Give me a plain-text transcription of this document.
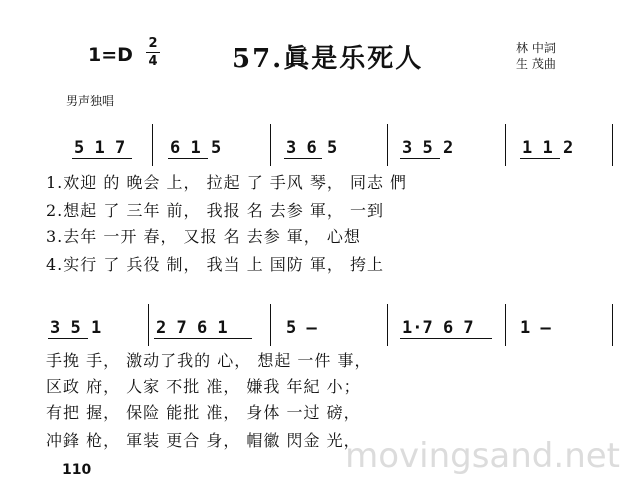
1=D
2
4	57.眞是乐死人	林 中詞
生 茂曲
男声独唱
5 1 7	6 1 5	3 6 5	3 5 2	1 1 2
1.欢迎 的 晚会 上， 拉起 了 手风 琴， 同志 們
2.想起 了 三年 前， 我报 名 去参 軍， 一到
3.去年 一开 春， 又报 名 去参 軍， 心想
4.实行 了 兵役 制， 我当 上 国防 軍， 挎上
3 5 1	2 7 6 1	5 –	1·7 6 7	1 –
手挽 手， 激动了我的 心， 想起 一件 事，
区政 府， 人家 不批 准， 嫌我 年紀 小；
有把 握， 保险 能批 准， 身体 一过 磅，
冲鋒 枪， 軍装 更合 身， 帽徽 閃金 光，
110	movingsand.net
